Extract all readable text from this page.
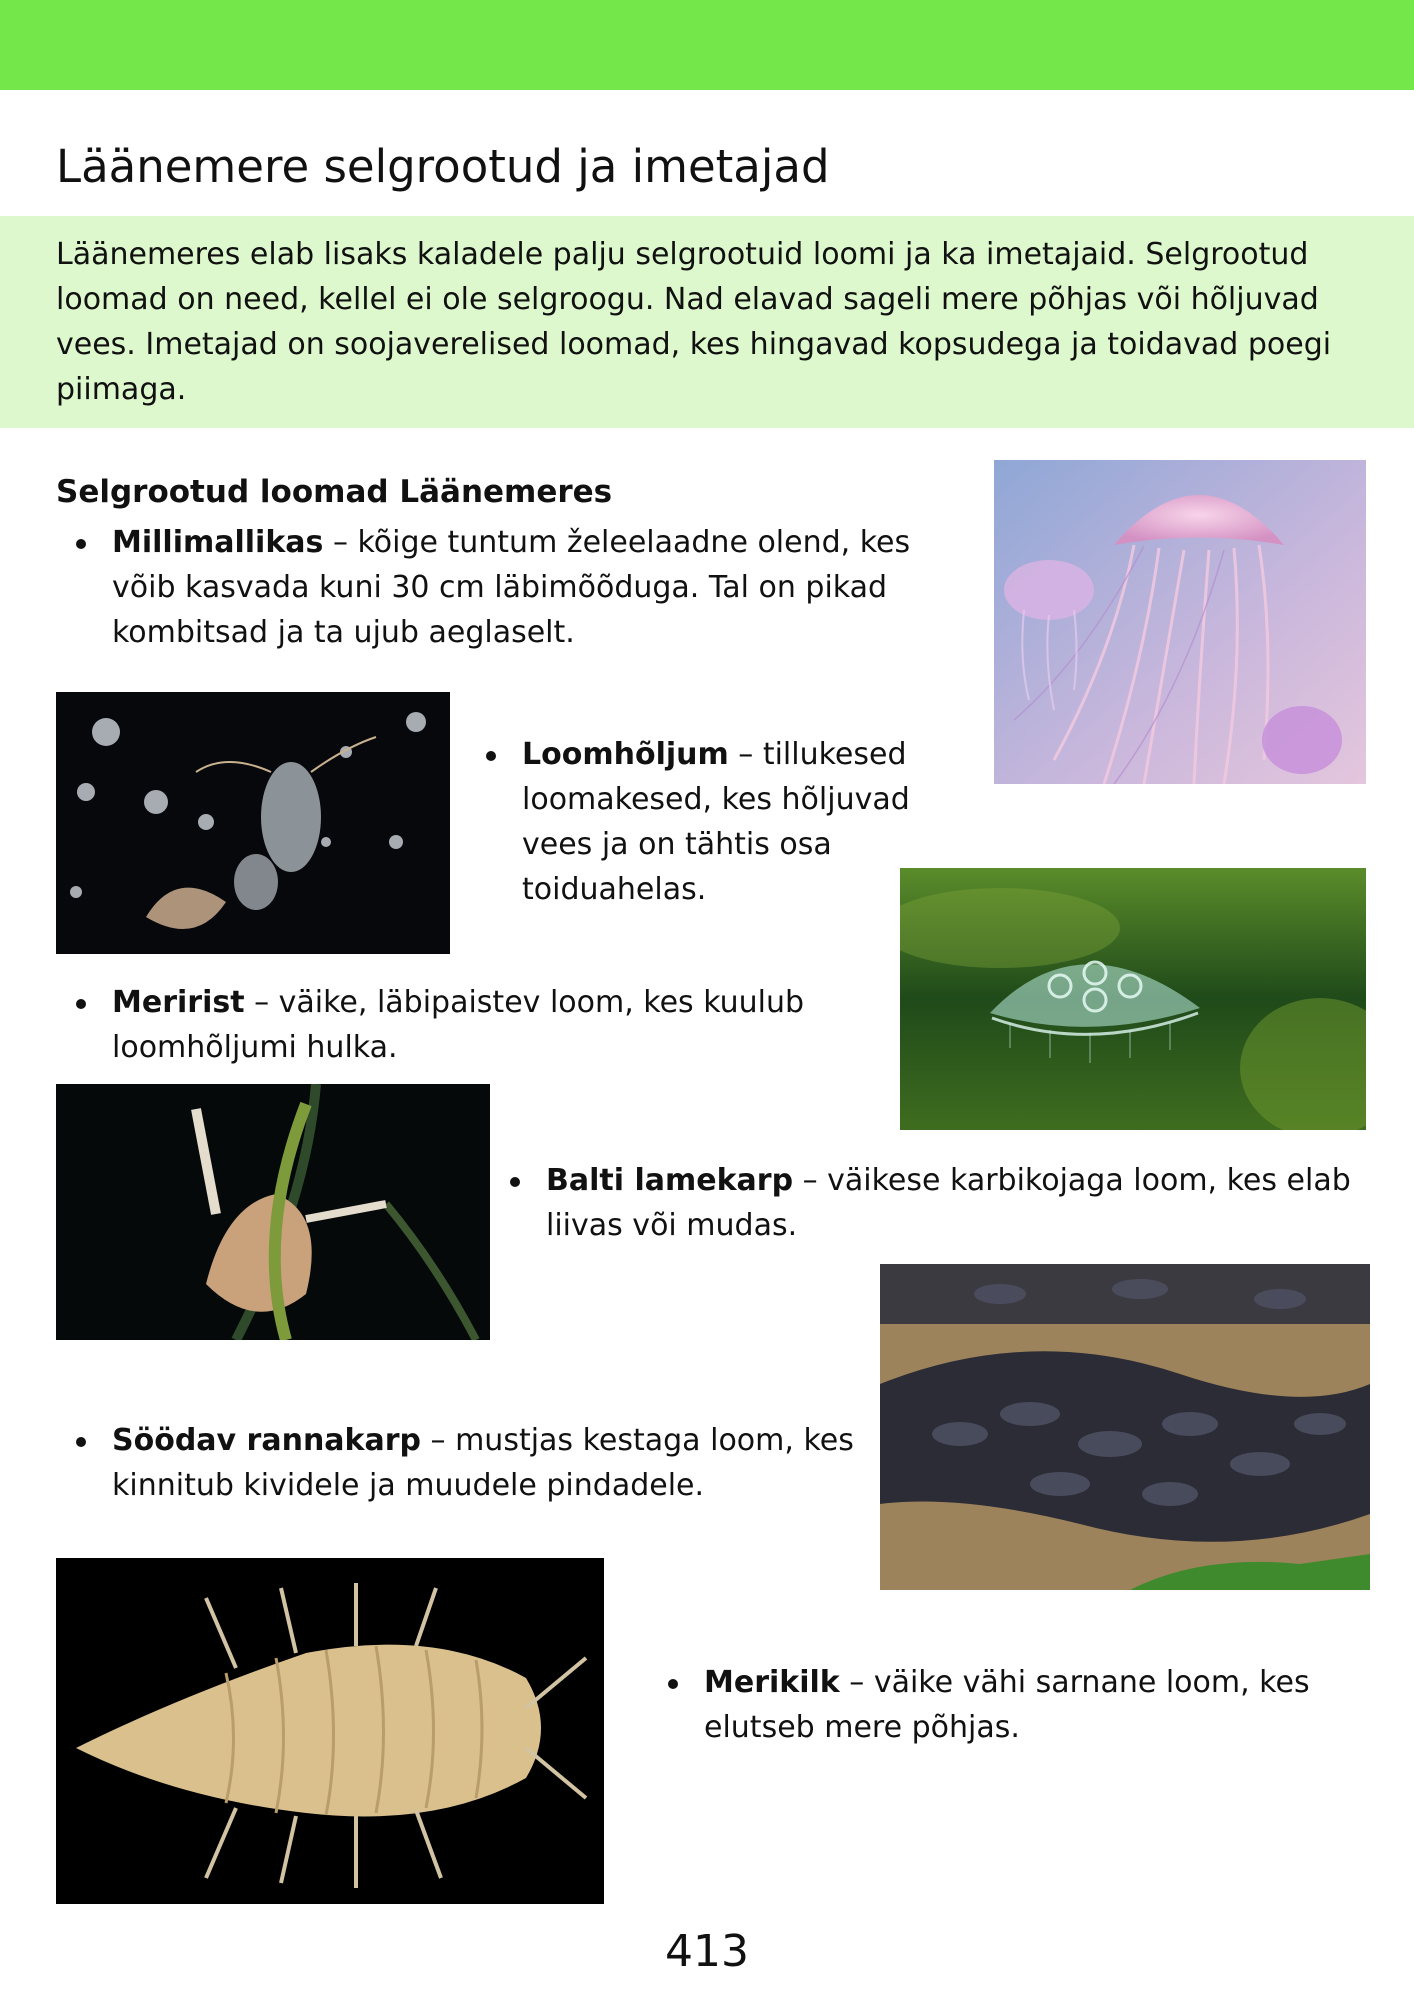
Läänemere selgrootud ja imetajad

Läänemeres elab lisaks kaladele palju selgrootuid loomi ja ka imetajaid. Selgrootud loomad on need, kellel ei ole selgroogu. Nad elavad sageli mere põhjas või hõljuvad vees. Imetajad on soojaverelised loomad, kes hingavad kopsudega ja toidavad poegi piimaga.

Selgrootud loomad Läänemeres

Millimallikas – kõige tuntum želeelaadne olend, kes võib kasvada kuni 30 cm läbimõõduga. Tal on pikad kombitsad ja ta ujub aeglaselt.

Loomhõljum – tillukesed loomakesed, kes hõljuvad vees ja on tähtis osa toiduahelas.

Meririst – väike, läbipaistev loom, kes kuulub loomhõljumi hulka.

Balti lamekarp – väikese karbikojaga loom, kes elab liivas või mudas.

Söödav rannakarp – mustjas kestaga loom, kes kinnitub kividele ja muudele pindadele.

Merikilk – väike vähi sarnane loom, kes elutseb mere põhjas.

413
